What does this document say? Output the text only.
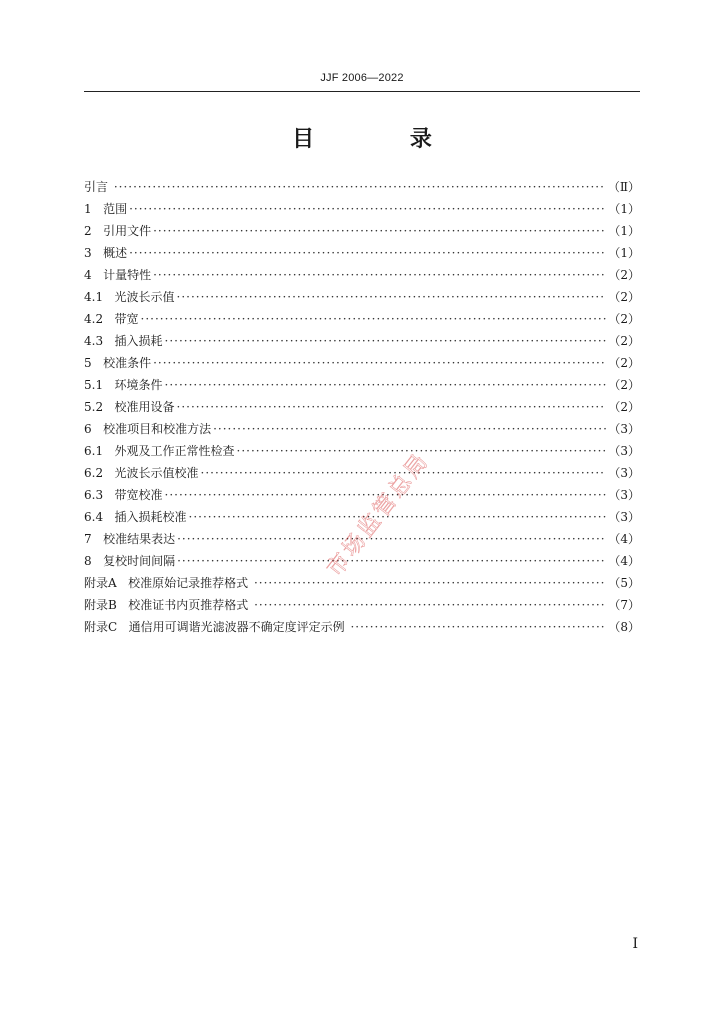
JJF 2006—2022
目 录
引言 ·····	（Ⅱ）
1   范围 ·····	（1）
2   引用文件 ·····	（1）
3   概述 ·····	（1）
4   计量特性 ·····	（2）
4.1   光波长示值 ·····	（2）
4.2   带宽 ·····	（2）
4.3   插入损耗 ·····	（2）
5   校准条件 ·····	（2）
5.1   环境条件 ·····	（2）
5.2   校准用设备 ·····	（2）
6   校准项目和校准方法 ·····	（3）
6.1   外观及工作正常性检查 ·····	（3）
6.2   光波长示值校准 ·····	（3）
6.3   带宽校准 ·····	（3）
6.4   插入损耗校准 ·····	（3）
7   校准结果表达 ·····	（4）
8   复校时间间隔 ·····	（4）
附录A   校准原始记录推荐格式 ·····	（5）
附录B   校准证书内页推荐格式 ·····	（7）
附录C   通信用可调谐光滤波器不确定度评定示例 ·····	（8）
市场监管总局
I
